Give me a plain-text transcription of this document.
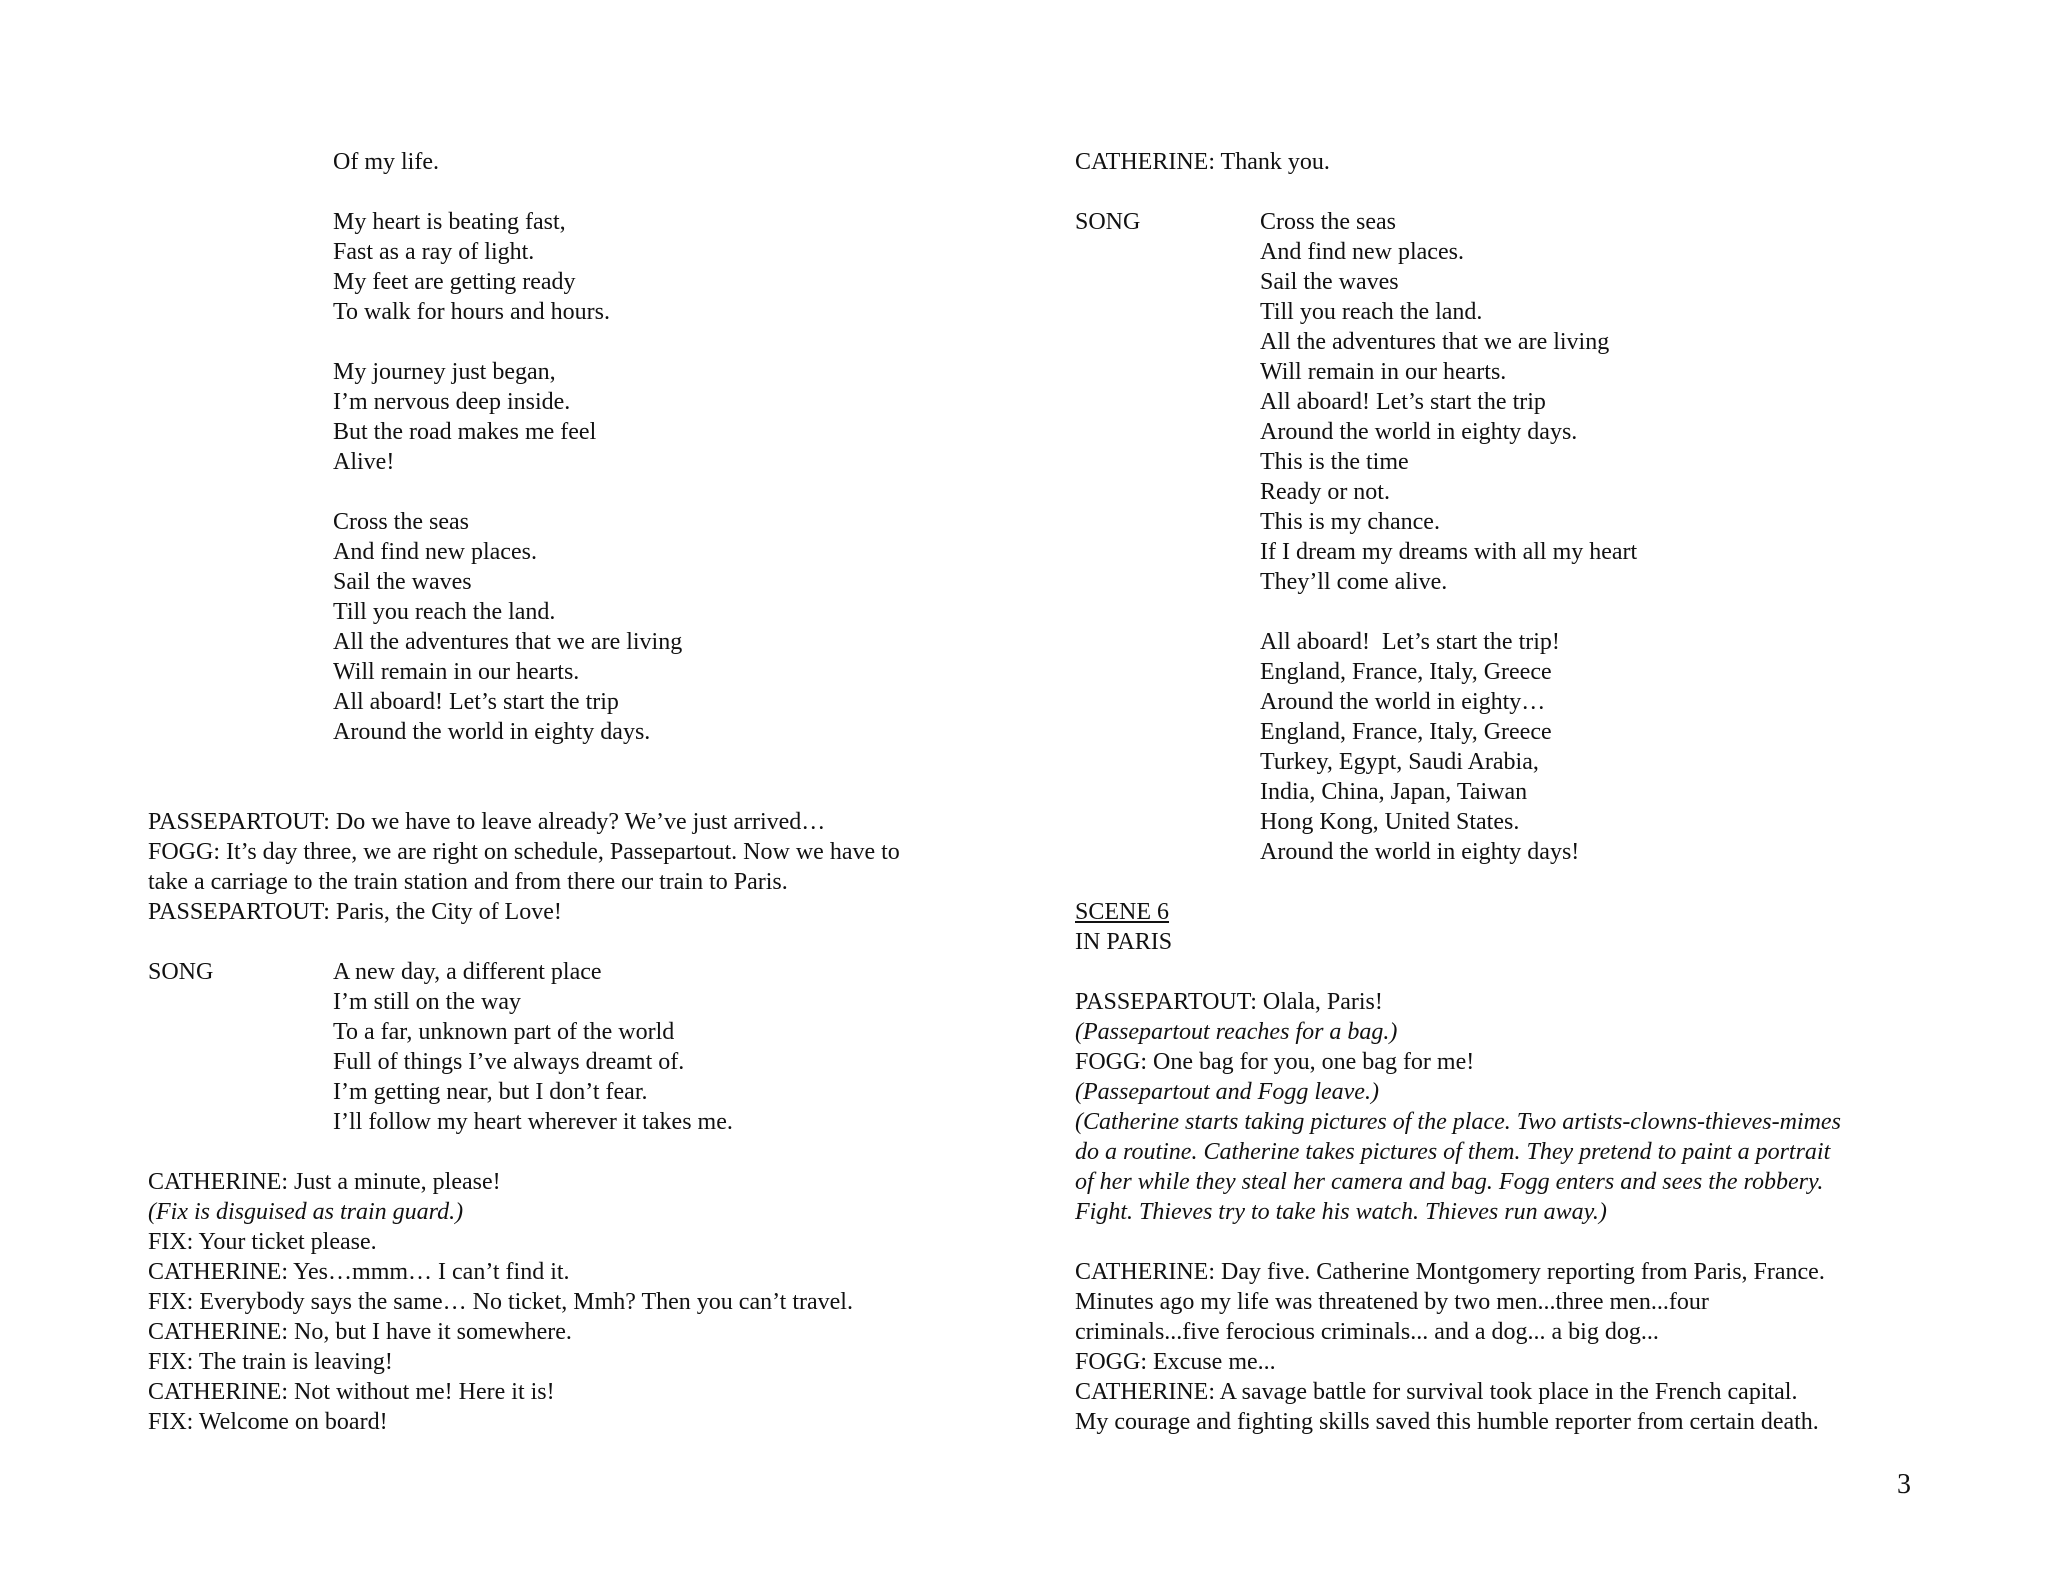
Of my life.
My heart is beating fast,
Fast as a ray of light.
My feet are getting ready
To walk for hours and hours.
My journey just began,
I’m nervous deep inside.
But the road makes me feel
Alive!
Cross the seas
And find new places.
Sail the waves
Till you reach the land.
All the adventures that we are living
Will remain in our hearts.
All aboard! Let’s start the trip
Around the world in eighty days.
PASSEPARTOUT: Do we have to leave already? We’ve just arrived…
FOGG: It’s day three, we are right on schedule, Passepartout. Now we have to
take a carriage to the train station and from there our train to Paris.
PASSEPARTOUT: Paris, the City of Love!
SONG	A new day, a different place
I’m still on the way
To a far, unknown part of the world
Full of things I’ve always dreamt of.
I’m getting near, but I don’t fear.
I’ll follow my heart wherever it takes me.
CATHERINE: Just a minute, please!
(Fix is disguised as train guard.)
FIX: Your ticket please.
CATHERINE: Yes…mmm… I can’t find it.
FIX: Everybody says the same… No ticket, Mmh? Then you can’t travel.
CATHERINE: No, but I have it somewhere.
FIX: The train is leaving!
CATHERINE: Not without me! Here it is!
FIX: Welcome on board!
CATHERINE: Thank you.
SONG	Cross the seas
And find new places.
Sail the waves
Till you reach the land.
All the adventures that we are living
Will remain in our hearts.
All aboard! Let’s start the trip
Around the world in eighty days.
This is the time
Ready or not.
This is my chance.
If I dream my dreams with all my heart
They’ll come alive.
All aboard!  Let’s start the trip!
England, France, Italy, Greece
Around the world in eighty…
England, France, Italy, Greece
Turkey, Egypt, Saudi Arabia,
India, China, Japan, Taiwan
Hong Kong, United States.
Around the world in eighty days!
SCENE 6
IN PARIS
PASSEPARTOUT: Olala, Paris!
(Passepartout reaches for a bag.)
FOGG: One bag for you, one bag for me!
(Passepartout and Fogg leave.)
(Catherine starts taking pictures of the place. Two artists-clowns-thieves-mimes
do a routine. Catherine takes pictures of them. They pretend to paint a portrait
of her while they steal her camera and bag. Fogg enters and sees the robbery.
Fight. Thieves try to take his watch. Thieves run away.)
CATHERINE: Day five. Catherine Montgomery reporting from Paris, France.
Minutes ago my life was threatened by two men...three men...four
criminals...five ferocious criminals... and a dog... a big dog...
FOGG: Excuse me...
CATHERINE: A savage battle for survival took place in the French capital.
My courage and fighting skills saved this humble reporter from certain death.
3
